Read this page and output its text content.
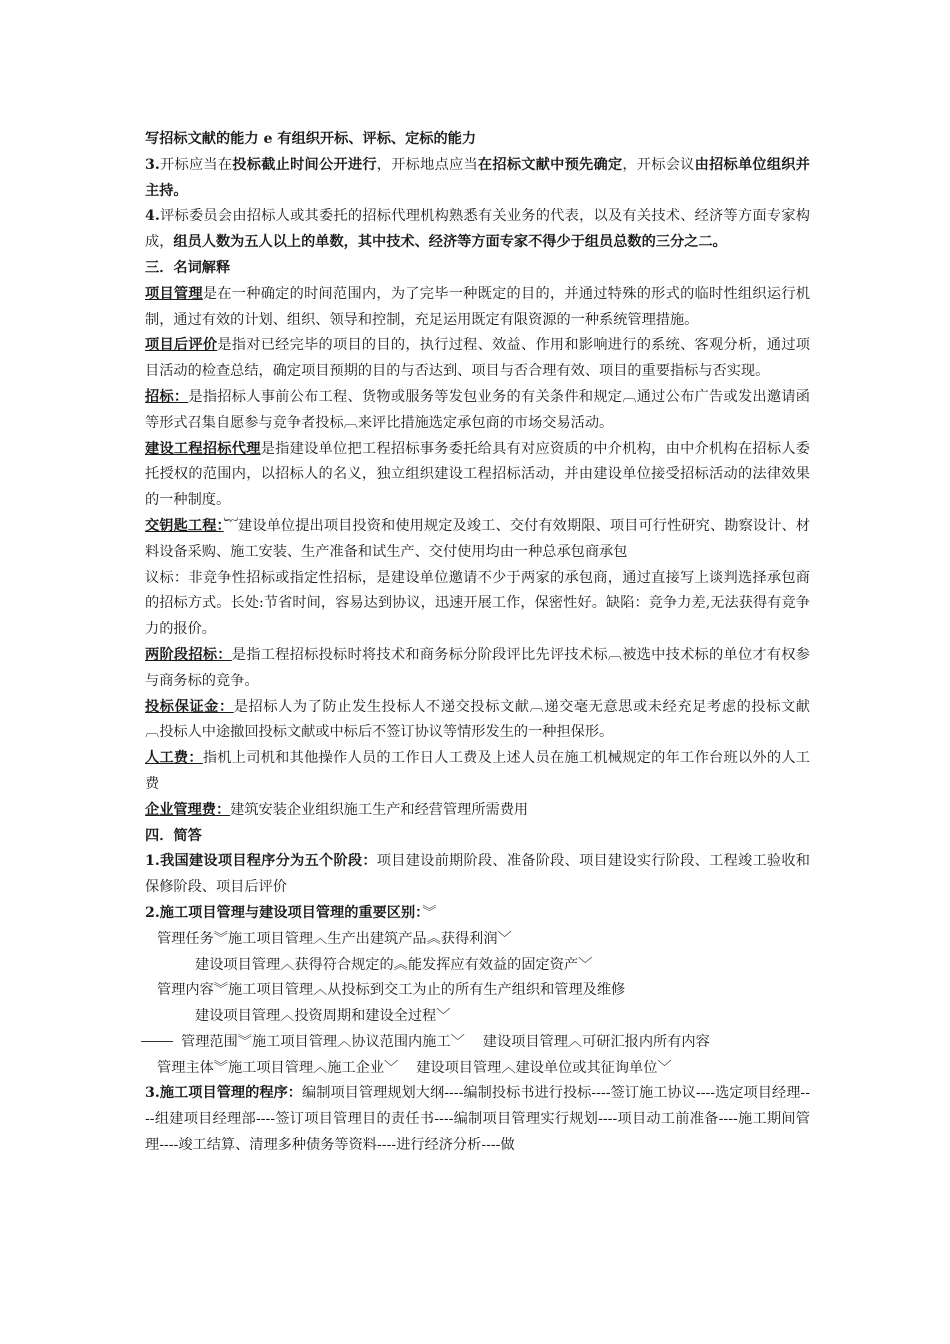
写招标文献的能力 e 有组织开标、评标、定标的能力

3.开标应当在投标截止时间公开进行，开标地点应当在招标文献中预先确定，开标会议由招标单位组织并主持。

4.评标委员会由招标人或其委托的招标代理机构熟悉有关业务的代表，以及有关技术、经济等方面专家构成，组员人数为五人以上的单数，其中技术、经济等方面专家不得少于组员总数的三分之二。

三．名词解释

项目管理是在一种确定的时间范围内，为了完毕一种既定的目的，并通过特殊的形式的临时性组织运行机制，通过有效的计划、组织、领导和控制，充足运用既定有限资源的一种系统管理措施。

项目后评价是指对已经完毕的项目的目的，执行过程、效益、作用和影响进行的系统、客观分析，通过项目活动的检查总结，确定项目预期的目的与否达到、项目与否合理有效、项目的重要指标与否实现。

招标：是指招标人事前公布工程、货物或服务等发包业务的有关条件和规定︹通过公布广告或发出邀请函等形式召集自愿参与竞争者投标︹来评比措施选定承包商的市场交易活动。

建设工程招标代理是指建设单位把工程招标事务委托给具有对应资质的中介机构，由中介机构在招标人委托授权的范围内，以招标人的名义，独立组织建设工程招标活动，并由建设单位接受招标活动的法律效果的一种制度。

交钥匙工程：︸建设单位提出项目投资和使用规定及竣工、交付有效期限、项目可行性研究、勘察设计、材料设备采购、施工安装、生产准备和试生产、交付使用均由一种总承包商承包

议标：非竞争性招标或指定性招标，是建设单位邀请不少于两家的承包商，通过直接写上谈判选择承包商的招标方式。长处:节省时间，容易达到协议，迅速开展工作，保密性好。缺陷：竞争力差,无法获得有竞争力的报价。

两阶段招标：是指工程招标投标时将技术和商务标分阶段评比先评技术标︹被选中技术标的单位才有权参与商务标的竞争。

投标保证金：是招标人为了防止发生投标人不递交投标文献︹递交毫无意思或未经充足考虑的投标文献︹投标人中途撤回投标文献或中标后不签订协议等情形发生的一种担保形。

人工费：指机上司机和其他操作人员的工作日人工费及上述人员在施工机械规定的年工作台班以外的人工费

企业管理费：建筑安装企业组织施工生产和经营管理所需费用

四．简答

1.我国建设项目程序分为五个阶段：项目建设前期阶段、准备阶段、项目建设实行阶段、工程竣工验收和保修阶段、项目后评价

2.施工项目管理与建设项目管理的重要区别：︾

管理任务︾施工项目管理︿生产出建筑产品︽获得利润﹀

建设项目管理︿获得符合规定的︽能发挥应有效益的固定资产﹀

管理内容︾施工项目管理︿从投标到交工为止的所有生产组织和管理及维修

建设项目管理︿投资周期和建设全过程﹀

管理范围︾施工项目管理︿协议范围内施工﹀ 建设项目管理︿可研汇报内所有内容

管理主体︾施工项目管理︿施工企业﹀ 建设项目管理︿建设单位或其征询单位﹀

3.施工项目管理的程序：编制项目管理规划大纲----编制投标书进行投标----签订施工协议----选定项目经理----组建项目经理部----签订项目管理目的责任书----编制项目管理实行规划----项目动工前准备----施工期间管理----竣工结算、清理多种债务等资料----进行经济分析----做
